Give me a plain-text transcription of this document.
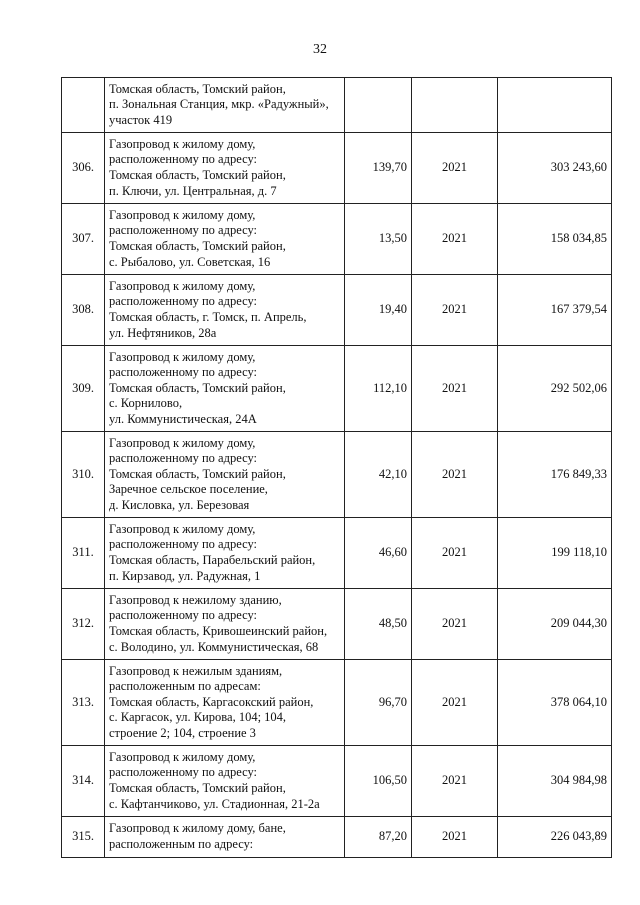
32
	Томская область, Томский район,
п. Зональная Станция, мкр. «Радужный»,
участок 419			
306.	Газопровод к жилому дому,
расположенному по адресу:
Томская область, Томский район,
п. Ключи, ул. Центральная, д. 7	139,70	2021	303 243,60
307.	Газопровод к жилому дому,
расположенному по адресу:
Томская область, Томский район,
с. Рыбалово, ул. Советская, 16	13,50	2021	158 034,85
308.	Газопровод к жилому дому,
расположенному по адресу:
Томская область, г. Томск, п. Апрель,
ул. Нефтяников, 28а	19,40	2021	167 379,54
309.	Газопровод к жилому дому,
расположенному по адресу:
Томская область, Томский район,
с. Корнилово,
ул. Коммунистическая, 24А	112,10	2021	292 502,06
310.	Газопровод к жилому дому,
расположенному по адресу:
Томская область, Томский район,
Заречное сельское поселение,
д. Кисловка, ул. Березовая	42,10	2021	176 849,33
311.	Газопровод к жилому дому,
расположенному по адресу:
Томская область, Парабельский район,
п. Кирзавод, ул. Радужная, 1	46,60	2021	199 118,10
312.	Газопровод к нежилому зданию,
расположенному по адресу:
Томская область, Кривошеинский район,
с. Володино, ул. Коммунистическая, 68	48,50	2021	209 044,30
313.	Газопровод к нежилым зданиям,
расположенным по адресам:
Томская область, Каргасокский район,
с. Каргасок, ул. Кирова, 104; 104,
строение 2; 104, строение 3	96,70	2021	378 064,10
314.	Газопровод к жилому дому,
расположенному по адресу:
Томская область, Томский район,
с. Кафтанчиково, ул. Стадионная, 21-2а	106,50	2021	304 984,98
315.	Газопровод к жилому дому, бане,
расположенным по адресу:	87,20	2021	226 043,89
